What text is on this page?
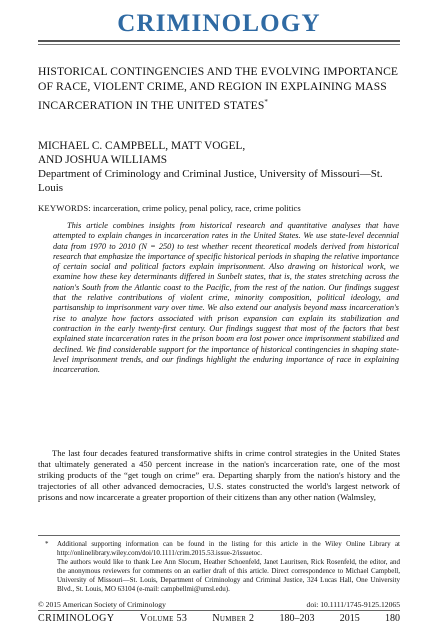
CRIMINOLOGY
HISTORICAL CONTINGENCIES AND THE EVOLVING IMPORTANCE OF RACE, VIOLENT CRIME, AND REGION IN EXPLAINING MASS INCARCERATION IN THE UNITED STATES*
MICHAEL C. CAMPBELL, MATT VOGEL,
AND JOSHUA WILLIAMS
Department of Criminology and Criminal Justice, University of Missouri—St. Louis
KEYWORDS: incarceration, crime policy, penal policy, race, crime politics
This article combines insights from historical research and quantitative analyses that have attempted to explain changes in incarceration rates in the United States. We use state-level decennial data from 1970 to 2010 (N = 250) to test whether recent theoretical models derived from historical research that emphasize the importance of specific historical periods in shaping the relative importance of certain social and political factors explain imprisonment. Also drawing on historical work, we examine how these key determinants differed in Sunbelt states, that is, the states stretching across the nation's South from the Atlantic coast to the Pacific, from the rest of the nation. Our findings suggest that the relative contributions of violent crime, minority composition, political ideology, and partisanship to imprisonment vary over time. We also extend our analysis beyond mass incarceration's rise to analyze how factors associated with prison expansion can explain its stabilization and contraction in the early twenty-first century. Our findings suggest that most of the factors that best explained state incarceration rates in the prison boom era lost power once imprisonment stabilized and declined. We find considerable support for the importance of historical contingencies in shaping state-level imprisonment trends, and our findings highlight the enduring importance of race in explaining incarceration.
The last four decades featured transformative shifts in crime control strategies in the United States that ultimately generated a 450 percent increase in the nation's incarceration rate, one of the most striking products of the “get tough on crime” era. Departing sharply from the nation's history and the trajectories of all other advanced democracies, U.S. states constructed the world's largest network of prisons and now incarcerate a greater proportion of their citizens than any other nation (Walmsley,
* Additional supporting information can be found in the listing for this article in the Wiley Online Library at http://onlinelibrary.wiley.com/doi/10.1111/crim.2015.53.issue-2/issuetoc.

The authors would like to thank Lee Ann Slocum, Heather Schoenfeld, Janet Lauritsen, Rick Rosenfeld, the editor, and the anonymous reviewers for comments on an earlier draft of this article. Direct correspondence to Michael Campbell, University of Missouri—St. Louis, Department of Criminology and Criminal Justice, 324 Lucas Hall, One University Blvd., St. Louis, MO 63104 (e-mail: campbellmi@umsl.edu).

© 2015 American Society of Criminology	doi: 10.1111/1745-9125.12065
CRIMINOLOGY	Volume 53	Number 2	180–203	2015	180
